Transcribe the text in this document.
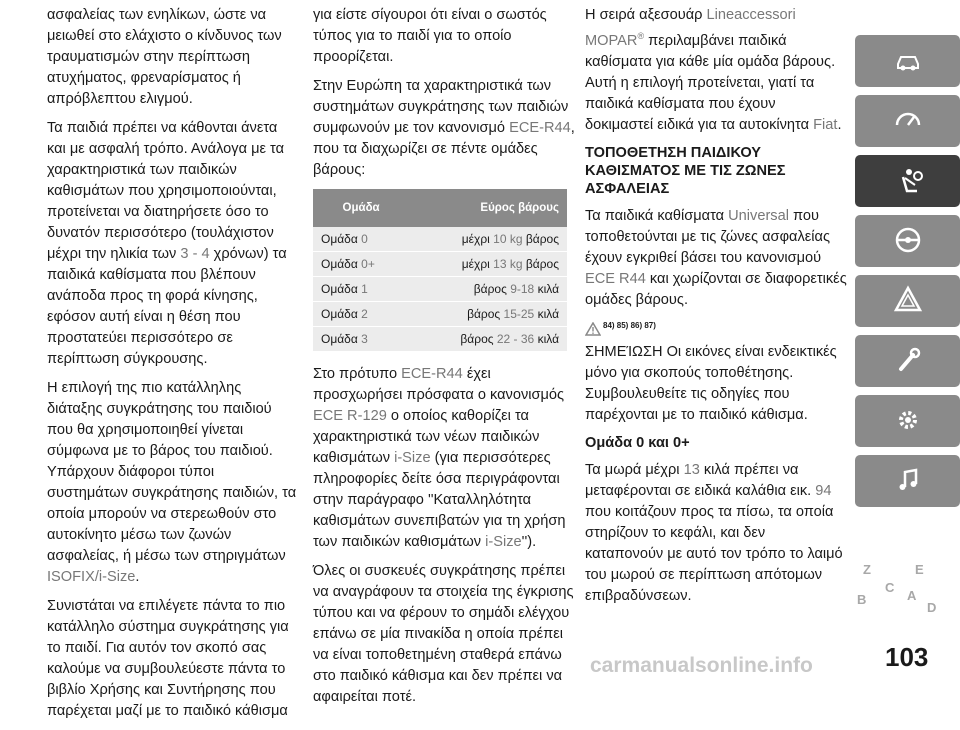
ασφαλείας των ενηλίκων, ώστε να μειωθεί στο ελάχιστο ο κίνδυνος των τραυματισμών στην περίπτωση ατυχήματος, φρεναρίσματος ή απρόβλεπτου ελιγμού.

Τα παιδιά πρέπει να κάθονται άνετα και με ασφαλή τρόπο. Ανάλογα με τα χαρακτηριστικά των παιδικών καθισμάτων που χρησιμοποιούνται, προτείνεται να διατηρήσετε όσο το δυνατόν περισσότερο (τουλάχιστον μέχρι την ηλικία των 3 - 4 χρόνων) τα παιδικά καθίσματα που βλέπουν ανάποδα προς τη φορά κίνησης, εφόσον αυτή είναι η θέση που προστατεύει περισσότερο σε περίπτωση σύγκρουσης.

Η επιλογή της πιο κατάλληλης διάταξης συγκράτησης του παιδιού που θα χρησιμοποιηθεί γίνεται σύμφωνα με το βάρος του παιδιού. Υπάρχουν διάφοροι τύποι συστημάτων συγκράτησης παιδιών, τα οποία μπορούν να στερεωθούν στο αυτοκίνητο μέσω των ζωνών ασφαλείας, ή μέσω των στηριγμάτων ISOFIX/i-Size.

Συνιστάται να επιλέγετε πάντα το πιο κατάλληλο σύστημα συγκράτησης για το παιδί. Για αυτόν τον σκοπό σας καλούμε να συμβουλεύεστε πάντα το βιβλίο Χρήσης και Συντήρησης που παρέχεται μαζί με το παιδικό κάθισμα

για είστε σίγουροι ότι είναι ο σωστός τύπος για το παιδί για το οποίο προορίζεται.

Στην Ευρώπη τα χαρακτηριστικά των συστημάτων συγκράτησης των παιδιών συμφωνούν με τον κανονισμό ECE-R44, που τα διαχωρίζει σε πέντε ομάδες βάρους:

Ομάδα	Εύρος βάρους
Ομάδα 0	μέχρι 10 kg βάρος
Ομάδα 0+	μέχρι 13 kg βάρος
Ομάδα 1	βάρος 9-18 κιλά
Ομάδα 2	βάρος 15-25 κιλά
Ομάδα 3	βάρος 22 - 36 κιλά

Στο πρότυπο ECE-R44 έχει προσχωρήσει πρόσφατα ο κανονισμός ECE R-129 ο οποίος καθορίζει τα χαρακτηριστικά των νέων παιδικών καθισμάτων i-Size (για περισσότερες πληροφορίες δείτε όσα περιγράφονται στην παράγραφο ''Καταλληλότητα καθισμάτων συνεπιβατών για τη χρήση των παιδικών καθισμάτων i-Size'').

Όλες οι συσκευές συγκράτησης πρέπει να αναγράφουν τα στοιχεία της έγκρισης τύπου και να φέρουν το σημάδι ελέγχου επάνω σε μία πινακίδα η οποία πρέπει να είναι τοποθετημένη σταθερά επάνω στο παιδικό κάθισμα και δεν πρέπει να αφαιρείται ποτέ.

Η σειρά αξεσουάρ Lineaccessori MOPAR® περιλαμβάνει παιδικά καθίσματα για κάθε μία ομάδα βάρους. Αυτή η επιλογή προτείνεται, γιατί τα παιδικά καθίσματα που έχουν δοκιμαστεί ειδικά για τα αυτοκίνητα Fiat.

ΤΟΠΟΘΕΤΗΣΗ ΠΑΙΔΙΚΟΥ ΚΑΘΙΣΜΑΤΟΣ ΜΕ ΤΙΣ ΖΩΝΕΣ ΑΣΦΑΛΕΙΑΣ

Τα παιδικά καθίσματα Universal που τοποθετούνται με τις ζώνες ασφαλείας έχουν εγκριθεί βάσει του κανονισμού ECE R44 και χωρίζονται σε διαφορετικές ομάδες βάρους.

84) 85) 86) 87)

ΣΗΜΕΊΩΣΗ Οι εικόνες είναι ενδεικτικές μόνο για σκοπούς τοποθέτησης. Συμβουλευθείτε τις οδηγίες που παρέχονται με το παιδικό κάθισμα.

Ομάδα 0 και 0+

Τα μωρά μέχρι 13 κιλά πρέπει να μεταφέρονται σε ειδικά καλάθια εικ. 94 που κοιτάζουν προς τα πίσω, τα οποία στηρίζουν το κεφάλι, και δεν καταπονούν με αυτό τον τρόπο το λαιμό του μωρού σε περίπτωση απότομων επιβραδύνσεων.

Z
C
E
B	A
D
103
carmanualsonline.info
